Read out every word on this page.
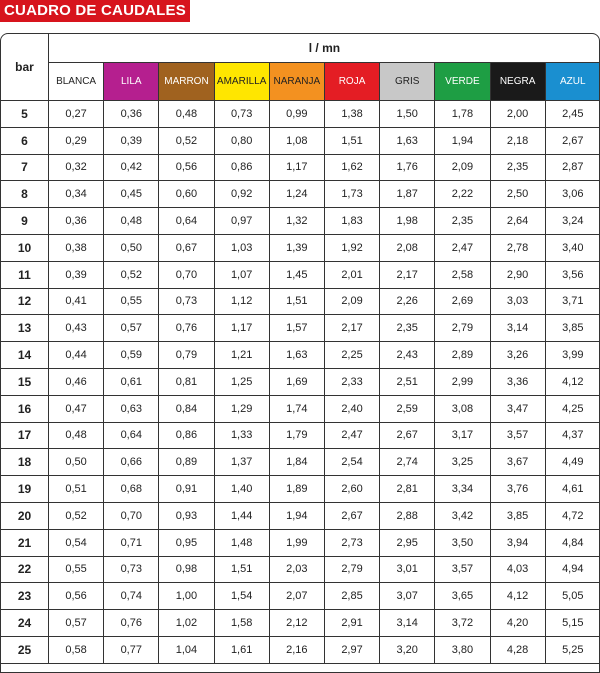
CUADRO DE CAUDALES
bar	l / mn									
	BLANCA	LILA	MARRON	AMARILLA	NARANJA	ROJA	GRIS	VERDE	NEGRA	AZUL
5	0,27	0,36	0,48	0,73	0,99	1,38	1,50	1,78	2,00	2,45
6	0,29	0,39	0,52	0,80	1,08	1,51	1,63	1,94	2,18	2,67
7	0,32	0,42	0,56	0,86	1,17	1,62	1,76	2,09	2,35	2,87
8	0,34	0,45	0,60	0,92	1,24	1,73	1,87	2,22	2,50	3,06
9	0,36	0,48	0,64	0,97	1,32	1,83	1,98	2,35	2,64	3,24
10	0,38	0,50	0,67	1,03	1,39	1,92	2,08	2,47	2,78	3,40
11	0,39	0,52	0,70	1,07	1,45	2,01	2,17	2,58	2,90	3,56
12	0,41	0,55	0,73	1,12	1,51	2,09	2,26	2,69	3,03	3,71
13	0,43	0,57	0,76	1,17	1,57	2,17	2,35	2,79	3,14	3,85
14	0,44	0,59	0,79	1,21	1,63	2,25	2,43	2,89	3,26	3,99
15	0,46	0,61	0,81	1,25	1,69	2,33	2,51	2,99	3,36	4,12
16	0,47	0,63	0,84	1,29	1,74	2,40	2,59	3,08	3,47	4,25
17	0,48	0,64	0,86	1,33	1,79	2,47	2,67	3,17	3,57	4,37
18	0,50	0,66	0,89	1,37	1,84	2,54	2,74	3,25	3,67	4,49
19	0,51	0,68	0,91	1,40	1,89	2,60	2,81	3,34	3,76	4,61
20	0,52	0,70	0,93	1,44	1,94	2,67	2,88	3,42	3,85	4,72
21	0,54	0,71	0,95	1,48	1,99	2,73	2,95	3,50	3,94	4,84
22	0,55	0,73	0,98	1,51	2,03	2,79	3,01	3,57	4,03	4,94
23	0,56	0,74	1,00	1,54	2,07	2,85	3,07	3,65	4,12	5,05
24	0,57	0,76	1,02	1,58	2,12	2,91	3,14	3,72	4,20	5,15
25	0,58	0,77	1,04	1,61	2,16	2,97	3,20	3,80	4,28	5,25
